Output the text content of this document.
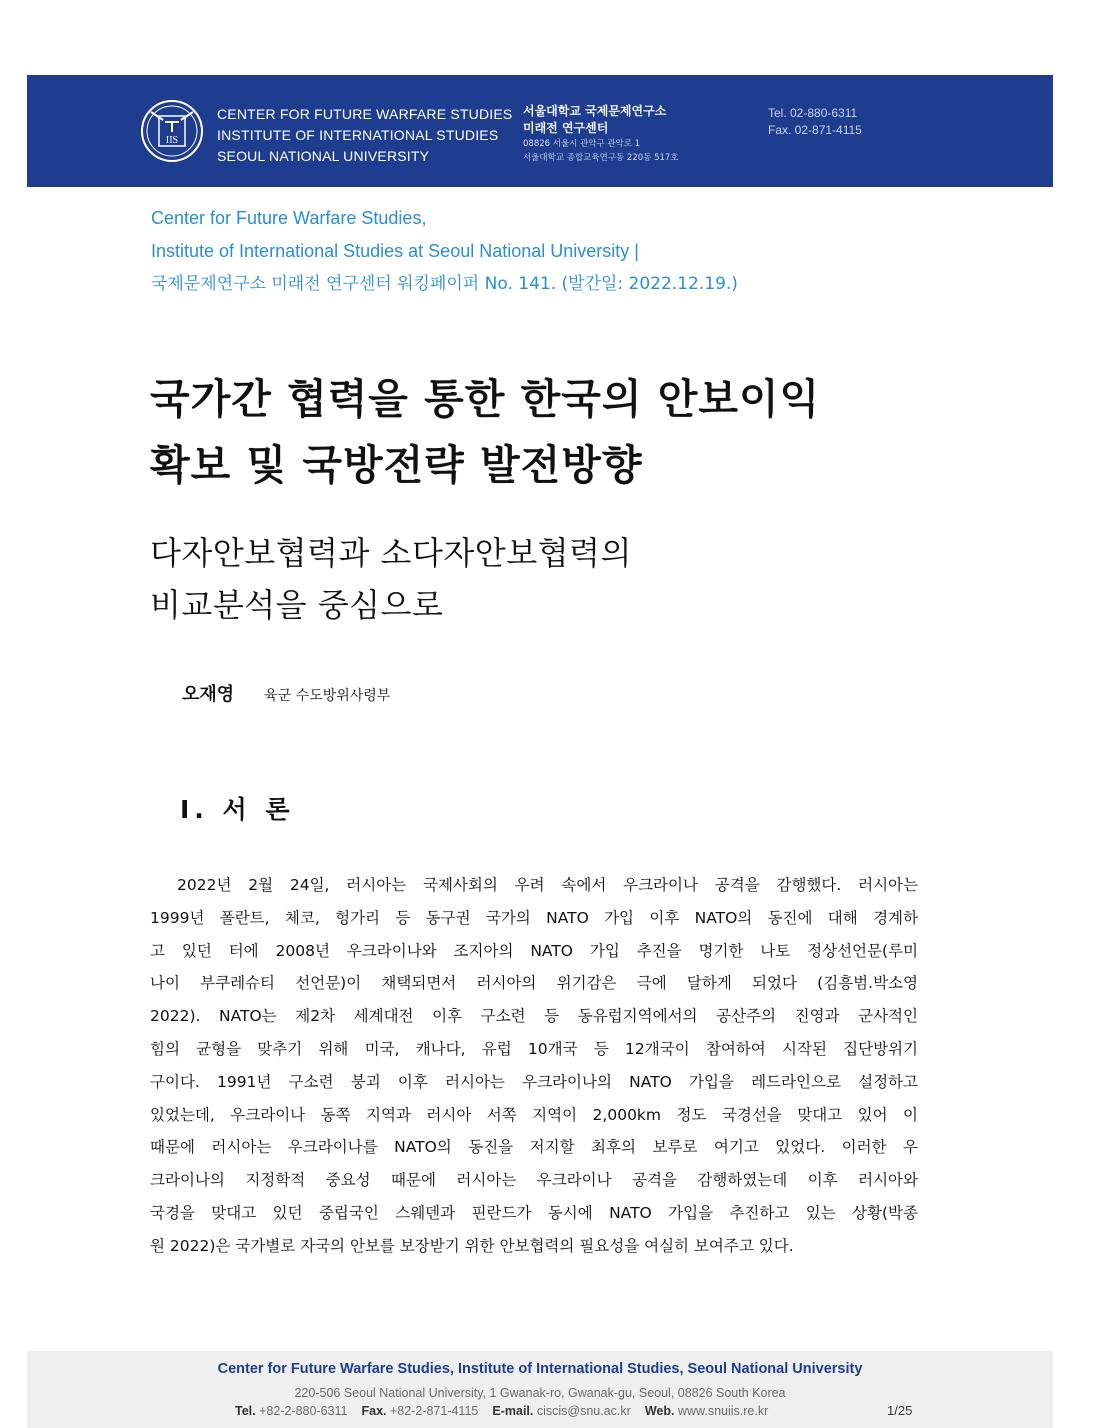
IIS
CENTER FOR FUTURE WARFARE STUDIES
INSTITUTE OF INTERNATIONAL STUDIES
SEOUL NATIONAL UNIVERSITY
서울대학교 국제문제연구소
미래전 연구센터
08826 서울시 관악구 관악로 1
서울대학교 종합교육연구동 220동 517호
Tel. 02-880-6311
Fax. 02-871-4115
Center for Future Warfare Studies,
Institute of International Studies at Seoul National University |
국제문제연구소 미래전 연구센터 워킹페이퍼 No. 141. (발간일: 2022.12.19.)
국가간 협력을 통한 한국의 안보이익
확보 및 국방전략 발전방향
다자안보협력과 소다자안보협력의
비교분석을 중심으로
오재영 육군 수도방위사령부
Ⅰ. 서 론
2022년 2월 24일, 러시아는 국제사회의 우려 속에서 우크라이나 공격을 감행했다. 러시아는
1999년 폴란트, 체코, 헝가리 등 동구권 국가의 NATO 가입 이후 NATO의 동진에 대해 경계하
고 있던 터에 2008년 우크라이나와 조지아의 NATO 가입 추진을 명기한 나토 정상선언문(루미
나이 부쿠레슈티 선언문)이 채택되면서 러시아의 위기감은 극에 달하게 되었다 (김흥범.박소영
2022). NATO는 제2차 세계대전 이후 구소련 등 동유럽지역에서의 공산주의 진영과 군사적인
힘의 균형을 맞추기 위해 미국, 캐나다, 유럽 10개국 등 12개국이 참여하여 시작된 집단방위기
구이다. 1991년 구소련 붕괴 이후 러시아는 우크라이나의 NATO 가입을 레드라인으로 설정하고
있었는데, 우크라이나 동쪽 지역과 러시아 서쪽 지역이 2,000km 정도 국경선을 맞대고 있어 이
때문에 러시아는 우크라이나를 NATO의 동진을 저지할 최후의 보루로 여기고 있었다. 이러한 우
크라이나의 지정학적 중요성 때문에 러시아는 우크라이나 공격을 감행하였는데 이후 러시아와
국경을 맞대고 있던 중립국인 스웨덴과 핀란드가 동시에 NATO 가입을 추진하고 있는 상황(박종
원 2022)은 국가별로 자국의 안보를 보장받기 위한 안보협력의 필요성을 여실히 보여주고 있다.
Center for Future Warfare Studies, Institute of International Studies, Seoul National University
220-506 Seoul National University, 1 Gwanak-ro, Gwanak-gu, Seoul, 08826 South Korea
Tel. +82-2-880-6311 Fax. +82-2-871-4115 E-mail. ciscis@snu.ac.kr Web. www.snuiis.re.kr	1/25
